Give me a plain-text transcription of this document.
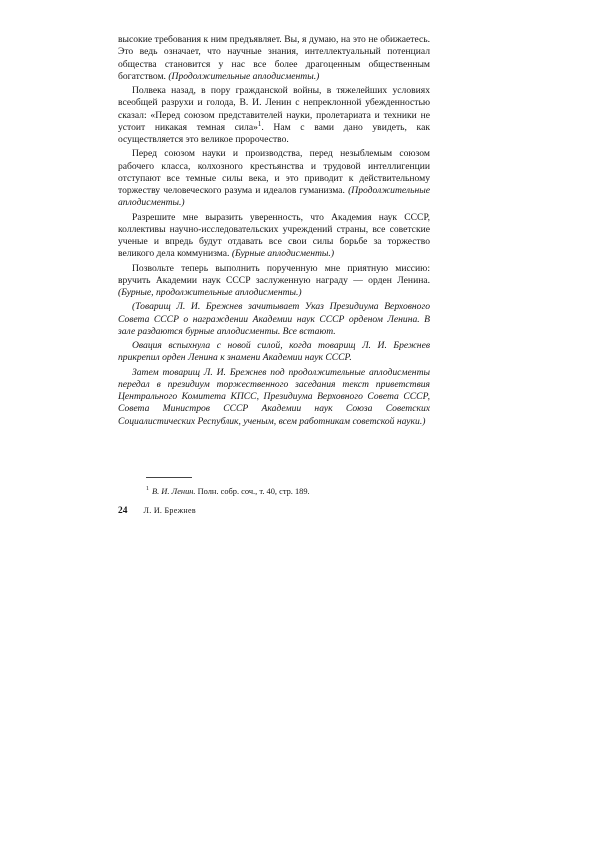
высокие требования к ним предъявляет. Вы, я думаю, на это не обижаетесь. Это ведь означает, что научные знания, интеллектуальный потенциал общества становится у нас все более драгоценным общественным богатством. (Продолжительные аплодисменты.)

Полвека назад, в пору гражданской войны, в тяжелейших условиях всеобщей разрухи и голода, В. И. Ленин с непреклонной убежденностью сказал: «Перед союзом представителей науки, пролетариата и техники не устоит никакая темная сила»$^1$. Нам с вами дано увидеть, как осуществляется это великое пророчество.

Перед союзом науки и производства, перед незыблемым союзом рабочего класса, колхозного крестьянства и трудовой интеллигенции отступают все темные силы века, и это приводит к действительному торжеству человеческого разума и идеалов гуманизма. (Продолжительные аплодисменты.)

Разрешите мне выразить уверенность, что Академия наук СССР, коллективы научно-исследовательских учреждений страны, все советские ученые и впредь будут отдавать все свои силы борьбе за торжество великого дела коммунизма. (Бурные аплодисменты.)

Позвольте теперь выполнить порученную мне приятную миссию: вручить Академии наук СССР заслуженную награду — орден Ленина. (Бурные, продолжительные аплодисменты.)

(Товарищ Л. И. Брежнев зачитывает Указ Президиума Верховного Совета СССР о награждении Академии наук СССР орденом Ленина. В зале раздаются бурные аплодисменты. Все встают.

Овация вспыхнула с новой силой, когда товарищ Л. И. Брежнев прикрепил орден Ленина к знамени Академии наук СССР.

Затем товарищ Л. И. Брежнев под продолжительные аплодисменты передал в президиум торжественного заседания текст приветствия Центрального Комитета КПСС, Президиума Верховного Совета СССР, Совета Министров СССР Академии наук Союза Советских Социалистических Республик, ученым, всем работникам советской науки.)

$^1$ В. И. Ленин. Полн. собр. соч., т. 40, стр. 189.
24 Л. И. Брежнев
